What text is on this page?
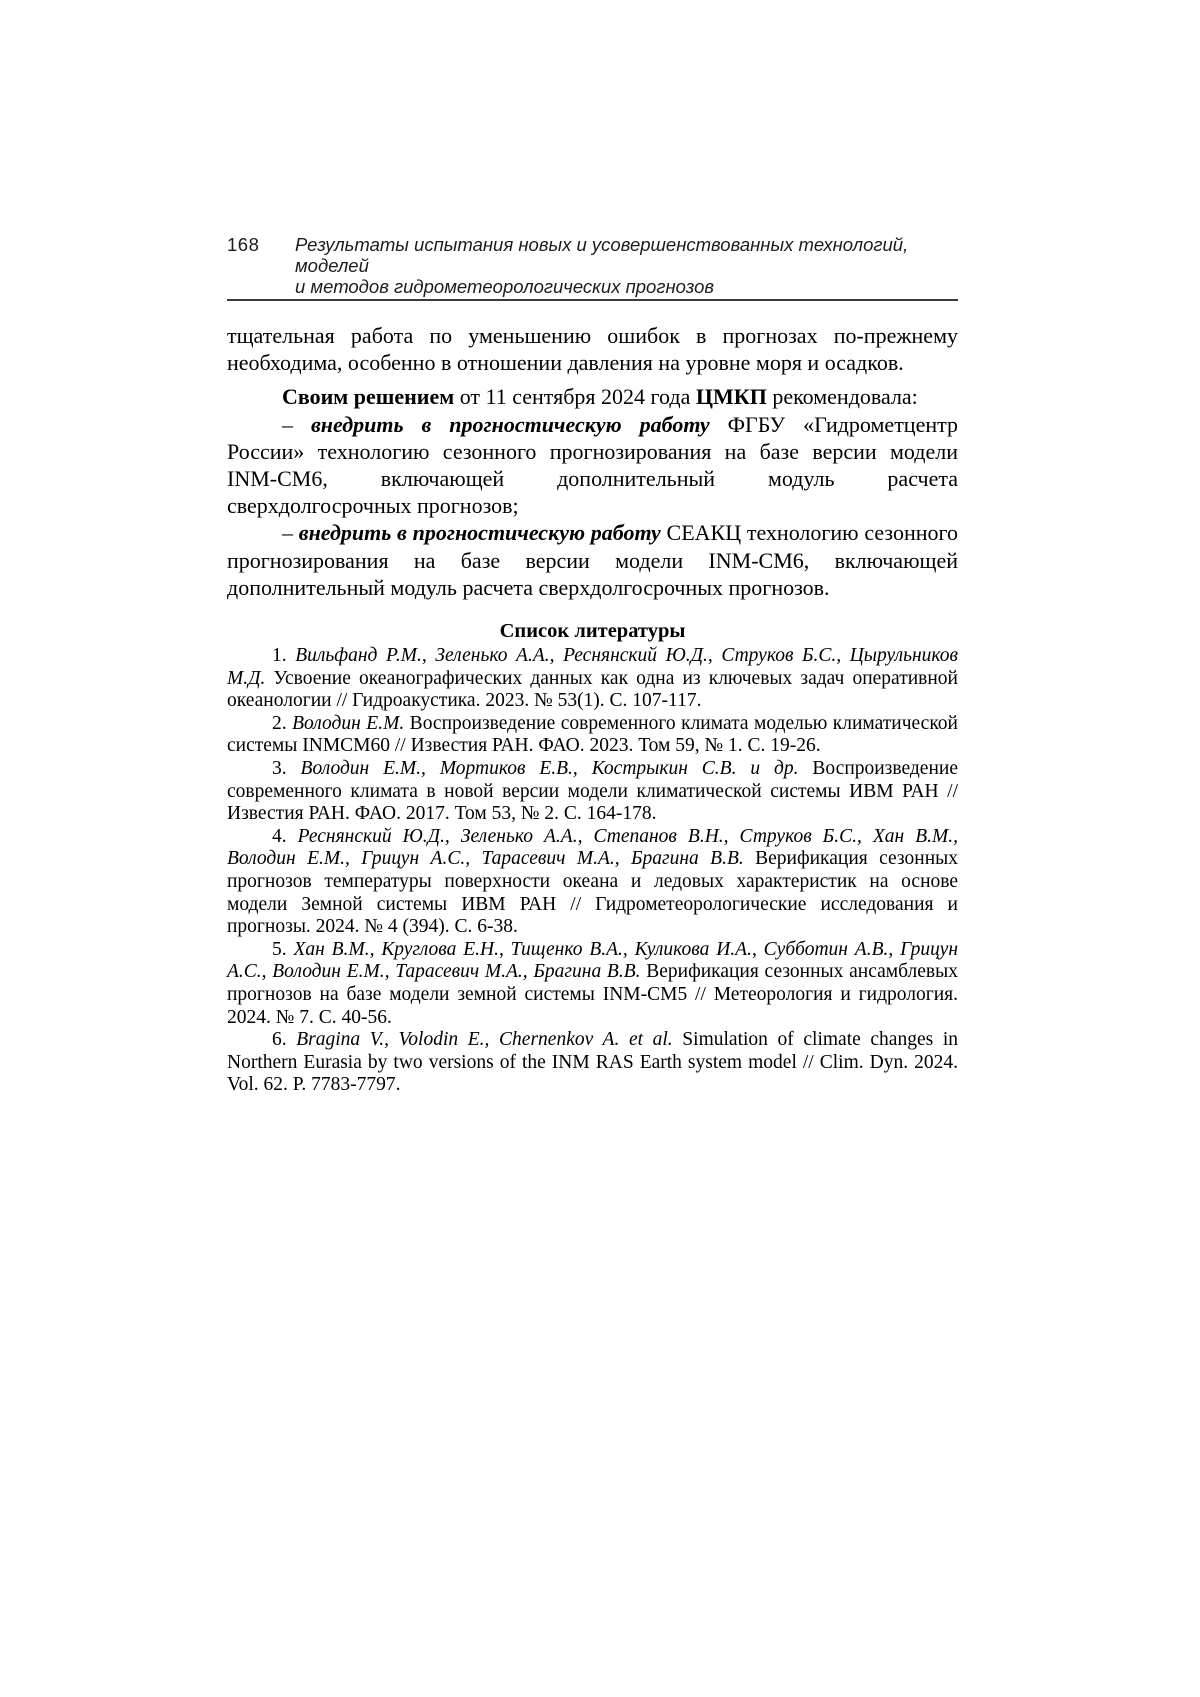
168	Результаты испытания новых и усовершенствованных технологий, моделей
и методов гидрометеорологических прогнозов

тщательная работа по уменьшению ошибок в прогнозах по-прежнему необходима, особенно в отношении давления на уровне моря и осадков.

Своим решением от 11 сентября 2024 года ЦМКП рекомендовала:

– внедрить в прогностическую работу ФГБУ «Гидрометцентр России» технологию сезонного прогнозирования на базе версии модели INM-CM6, включающей дополнительный модуль расчета сверхдолгосрочных прогнозов;

– внедрить в прогностическую работу СЕАКЦ технологию сезонного прогнозирования на базе версии модели INM-CM6, включающей дополнительный модуль расчета сверхдолгосрочных прогнозов.

Список литературы

1. Вильфанд Р.М., Зеленько А.А., Реснянский Ю.Д., Струков Б.С., Цырульников М.Д. Усвоение океанографических данных как одна из ключевых задач оперативной океанологии // Гидроакустика. 2023. № 53(1). С. 107-117.

2. Володин Е.М. Воспроизведение современного климата моделью климатической системы INMCM60 // Известия РАН. ФАО. 2023. Том 59, № 1. С. 19-26.

3. Володин Е.М., Мортиков Е.В., Кострыкин С.В. и др. Воспроизведение современного климата в новой версии модели климатической системы ИВМ РАН // Известия РАН. ФАО. 2017. Том 53, № 2. С. 164-178.

4. Реснянский Ю.Д., Зеленько А.А., Степанов В.Н., Струков Б.С., Хан В.М., Володин Е.М., Грицун А.С., Тарасевич М.А., Брагина В.В. Верификация сезонных прогнозов температуры поверхности океана и ледовых характеристик на основе модели Земной системы ИВМ РАН // Гидрометеорологические исследования и прогнозы. 2024. № 4 (394). С. 6-38.

5. Хан В.М., Круглова Е.Н., Тищенко В.А., Куликова И.А., Субботин А.В., Грицун А.С., Володин Е.М., Тарасевич М.А., Брагина В.В. Верификация сезонных ансамблевых прогнозов на базе модели земной системы INM-CM5 // Метеорология и гидрология. 2024. № 7. С. 40-56.

6. Bragina V., Volodin E., Chernenkov A. et al. Simulation of climate changes in Northern Eurasia by two versions of the INM RAS Earth system model // Clim. Dyn. 2024. Vol. 62. P. 7783-7797.
